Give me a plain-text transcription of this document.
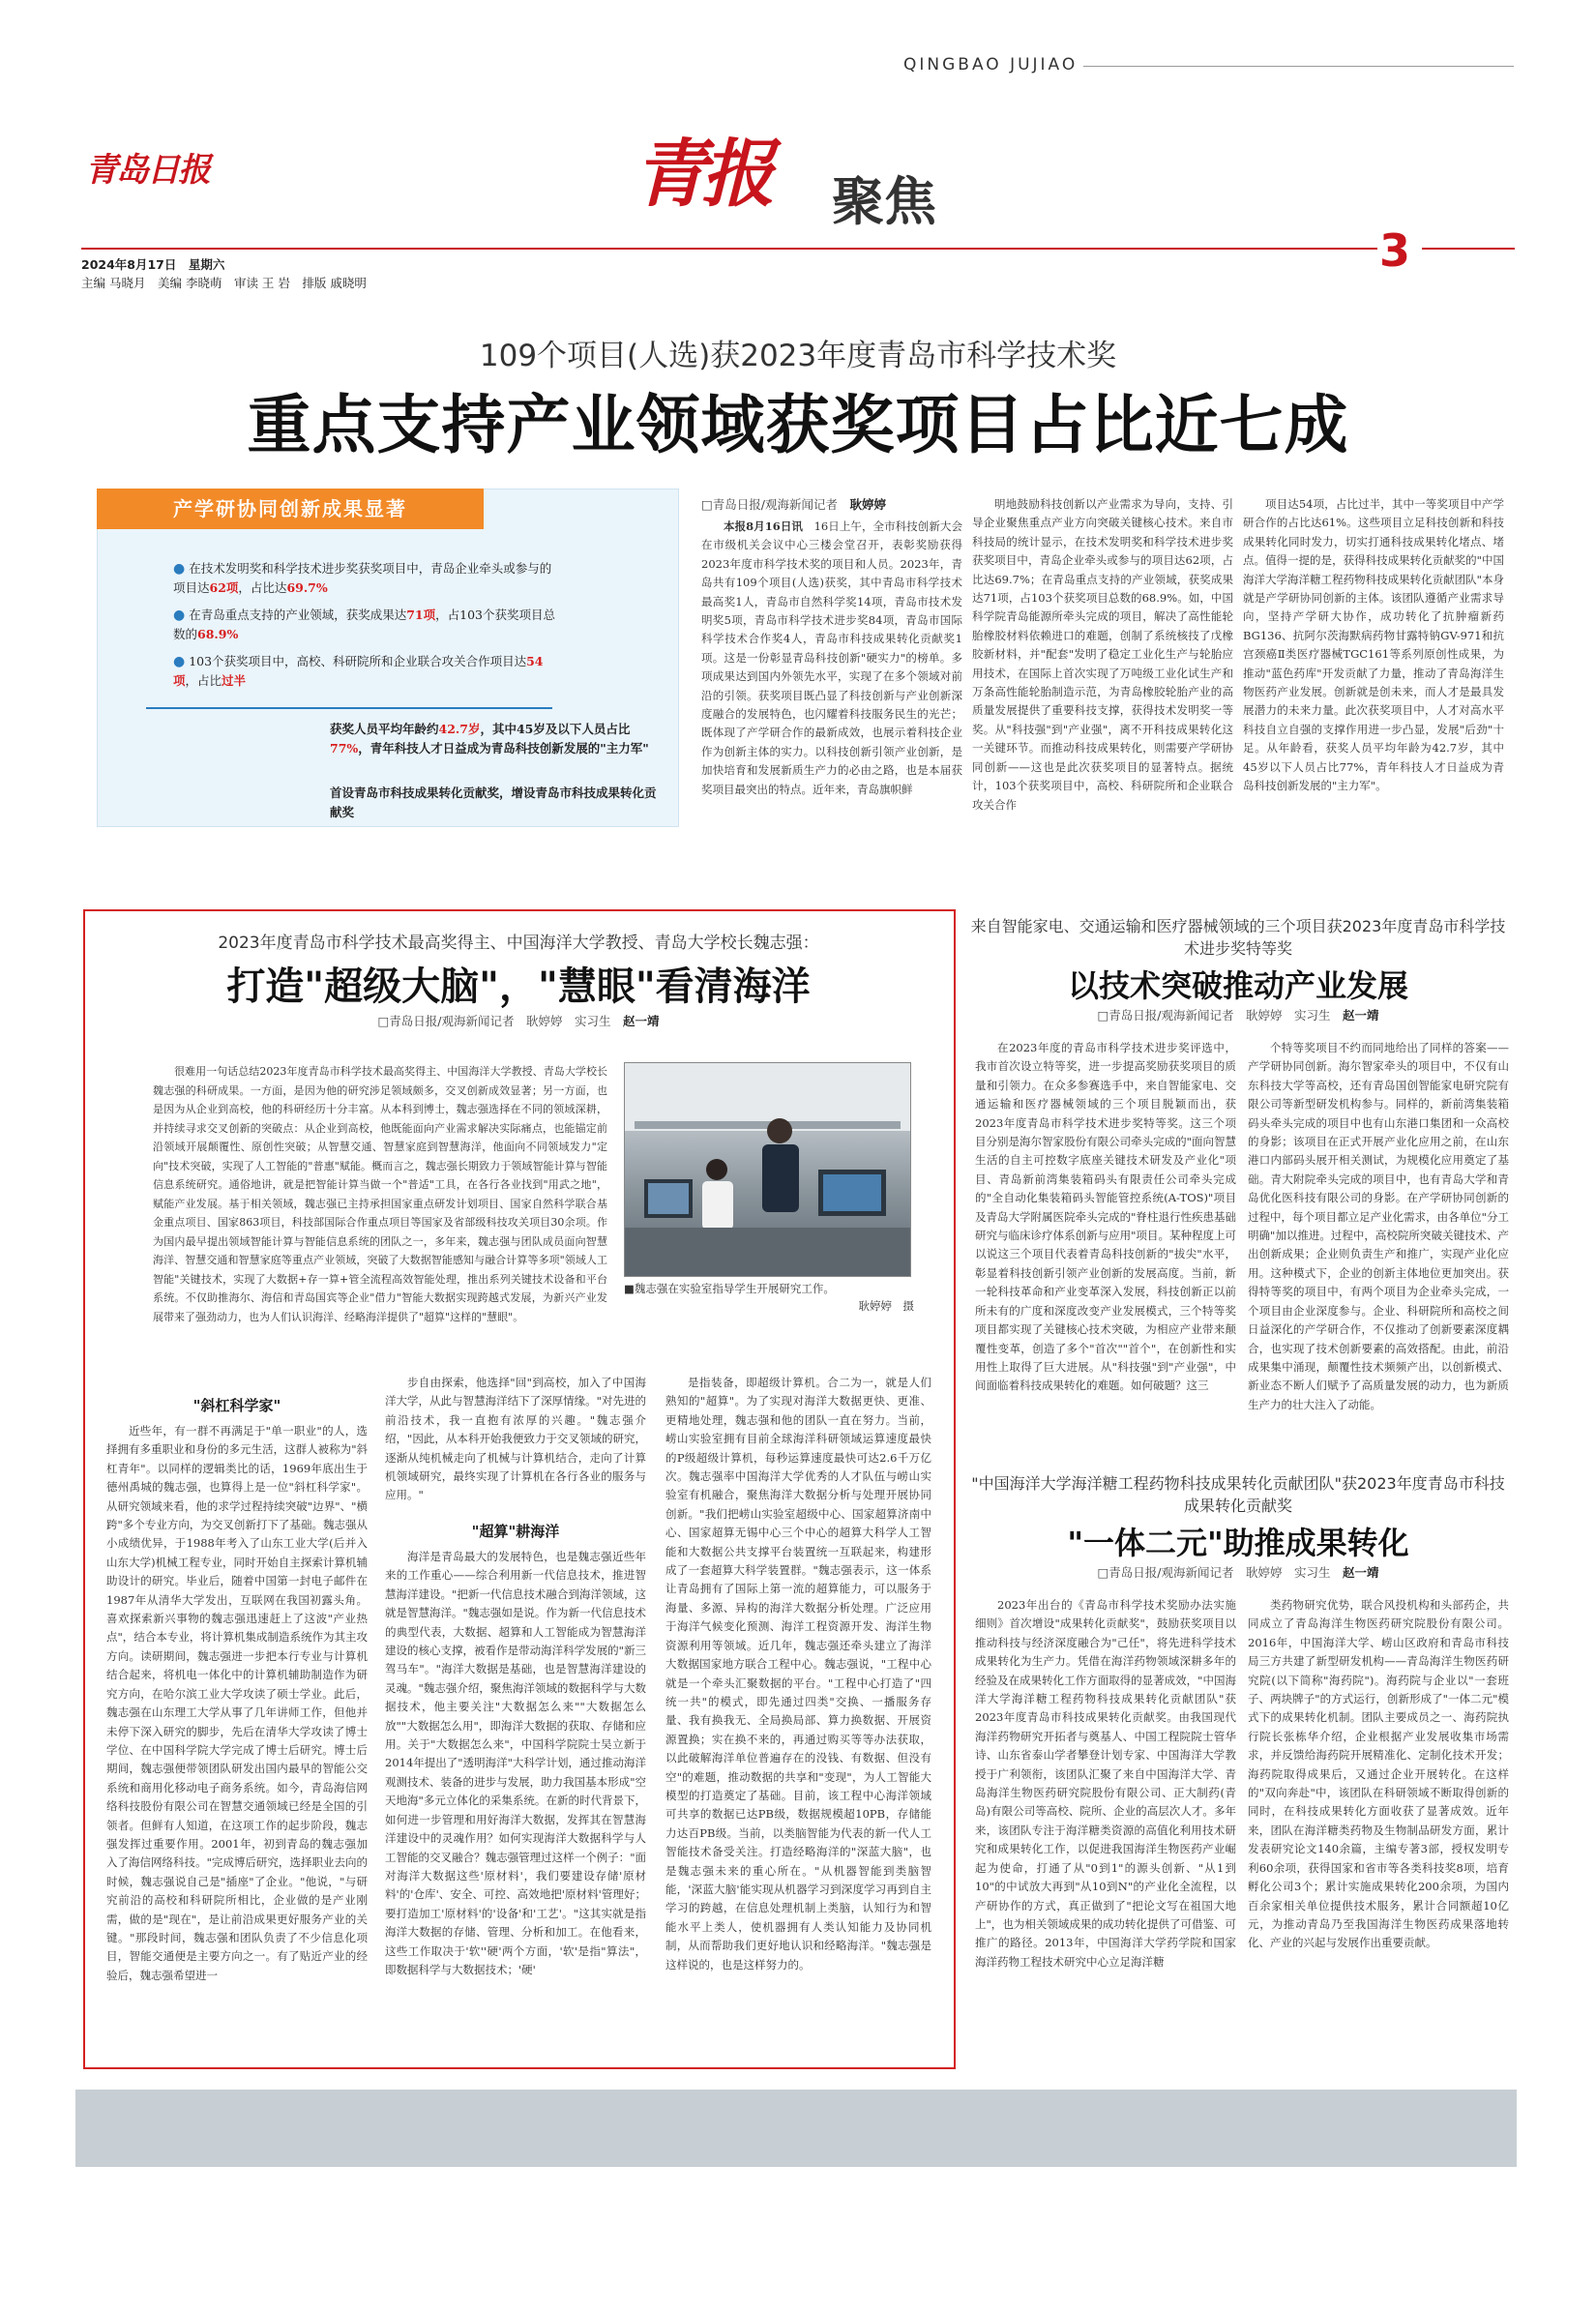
QINGBAO JUJIAO
青岛日报	青报 聚焦
2024年8月17日　星期六
主编 马晓月　美编 李晓萌　审读 王 岩　排版 戚晓明
3
109个项目(人选)获2023年度青岛市科学技术奖
重点支持产业领域获奖项目占比近七成
产学研协同创新成果显著
● 在技术发明奖和科学技术进步奖获奖项目中，青岛企业牵头或参与的项目达62项，占比达69.7%
● 在青岛重点支持的产业领域，获奖成果达71项，占103个获奖项目总数的68.9%
● 103个获奖项目中，高校、科研院所和企业联合攻关合作项目达54项，占比过半
获奖人员平均年龄约42.7岁，其中45岁及以下人员占比77%，青年科技人才日益成为青岛科技创新发展的"主力军"
首设青岛市科技成果转化贡献奖，增设青岛市科技成果转化贡献奖
□青岛日报/观海新闻记者　 耿婷婷

本报8月16日讯　 16日上午，全市科技创新大会在市级机关会议中心三楼会堂召开，表彰奖励获得2023年度市科学技术奖的项目和人员。2023年，青岛共有109个项目(人选)获奖，其中青岛市科学技术最高奖1人，青岛市自然科学奖14项，青岛市技术发明奖5项，青岛市科学技术进步奖84项，青岛市国际科学技术合作奖4人，青岛市科技成果转化贡献奖1项。这是一份彰显青岛科技创新"硬实力"的榜单。多项成果达到国内外领先水平，实现了在多个领域对前沿的引领。获奖项目既凸显了科技创新与产业创新深度融合的发展特色，也闪耀着科技服务民生的光芒；既体现了产学研合作的最新成效，也展示着科技企业作为创新主体的实力。以科技创新引领产业创新，是加快培育和发展新质生产力的必由之路，也是本届获奖项目最突出的特点。近年来，青岛旗帜鲜

明地鼓励科技创新以产业需求为导向，支持、引导企业聚焦重点产业方向突破关键核心技术。来自市科技局的统计显示，在技术发明奖和科学技术进步奖获奖项目中，青岛企业牵头或参与的项目达62项，占比达69.7%；在青岛重点支持的产业领域，获奖成果达71项，占103个获奖项目总数的68.9%。如，中国科学院青岛能源所牵头完成的项目，解决了高性能轮胎橡胶材料依赖进口的难题，创制了系统核技了戊橡胶新材料，并"配套"发明了稳定工业化生产与轮胎应用技术，在国际上首次实现了万吨级工业化试生产和万条高性能轮胎制造示范，为青岛橡胶轮胎产业的高质量发展提供了重要科技支撑，获得技术发明奖一等奖。从"科技强"到"产业强"，离不开科技成果转化这一关键环节。而推动科技成果转化，则需要产学研协同创新——这也是此次获奖项目的显著特点。据统计，103个获奖项目中，高校、科研院所和企业联合攻关合作

项目达54项，占比过半，其中一等奖项目中产学研合作的占比达61%。这些项目立足科技创新和科技成果转化同时发力，切实打通科技成果转化堵点、堵点。值得一提的是，获得科技成果转化贡献奖的"中国海洋大学海洋糖工程药物科技成果转化贡献团队"本身就是产学研协同创新的主体。该团队遵循产业需求导向，坚持产学研大协作，成功转化了抗肿瘤新药BG136、抗阿尔茨海默病药物甘露特钠GV-971和抗宫颈癌Ⅱ类医疗器械TGC161等系列原创性成果，为推动"蓝色药库"开发贡献了力量，推动了青岛海洋生物医药产业发展。创新就是创未来，而人才是最具发展潜力的未来力量。此次获奖项目中，人才对高水平科技自立自强的支撑作用进一步凸显，发展"后劲"十足。从年龄看，获奖人员平均年龄为42.7岁，其中45岁以下人员占比77%，青年科技人才日益成为青岛科技创新发展的"主力军"。

2023年度青岛市科学技术最高奖得主、中国海洋大学教授、青岛大学校长魏志强：
打造"超级大脑"，"慧眼"看清海洋
□青岛日报/观海新闻记者　耿婷婷　实习生　 赵一靖

很难用一句话总结2023年度青岛市科学技术最高奖得主、中国海洋大学教授、青岛大学校长魏志强的科研成果。一方面，是因为他的研究涉足领域颇多，交叉创新成效显著；另一方面，也是因为从企业到高校，他的科研经历十分丰富。从本科到博士，魏志强选择在不同的领域深耕，并持续寻求交叉创新的突破点：从企业到高校，他既能面向产业需求解决实际痛点，也能锚定前沿领域开展颠覆性、原创性突破；从智慧交通、智慧家庭到智慧海洋，他面向不同领域发力"定向"技术突破，实现了人工智能的"普惠"赋能。概而言之，魏志强长期致力于领域智能计算与智能信息系统研究。通俗地讲，就是把智能计算当做一个"普适"工具，在各行各业找到"用武之地"，赋能产业发展。基于相关领域，魏志强已主持承担国家重点研发计划项目、国家自然科学联合基金重点项目、国家863项目，科技部国际合作重点项目等国家及省部级科技攻关项目30余项。作为国内最早提出领域智能计算与智能信息系统的团队之一，多年来，魏志强与团队成员面向智慧海洋、智慧交通和智慧家庭等重点产业领域，突破了大数据智能感知与融合计算等多项"领域人工智能"关键技术，实现了大数据+存一算+管全流程高效智能处理，推出系列关键技术设备和平台系统。不仅助推海尔、海信和青岛国宾等企业"借力"智能大数据实现跨越式发展，为新兴产业发展带来了强劲动力，也为人们认识海洋、经略海洋提供了"超算"这样的"慧眼"。

■魏志强在实验室指导学生开展研究工作。
耿婷婷　摄
"斜杠科学家"

近些年，有一群不再满足于"单一职业"的人，选择拥有多重职业和身份的多元生活，这群人被称为"斜杠青年"。以同样的逻辑类比的话，1969年底出生于德州禹城的魏志强，也算得上是一位"斜杠科学家"。从研究领域来看，他的求学过程持续突破"边界"、"横跨"多个专业方向，为交叉创新打下了基础。魏志强从小成绩优异，于1988年考入了山东工业大学(后并入山东大学)机械工程专业，同时开始自主探索计算机辅助设计的研究。毕业后，随着中国第一封电子邮件在1987年从清华大学发出，互联网在我国初露头角。喜欢探索新兴事物的魏志强迅速赶上了这波"产业热点"，结合本专业，将计算机集成制造系统作为其主攻方向。读研期间，魏志强进一步把本行专业与计算机结合起来，将机电一体化中的计算机辅助制造作为研究方向，在哈尔滨工业大学攻读了硕士学业。此后，魏志强在山东理工大学从事了几年讲师工作，但他并未停下深入研究的脚步，先后在清华大学攻读了博士学位、在中国科学院大学完成了博士后研究。博士后期间，魏志强便带领团队研发出国内最早的智能公交系统和商用化移动电子商务系统。如今，青岛海信网络科技股份有限公司在智慧交通领域已经是全国的引领者。但鲜有人知道，在这项工作的起步阶段，魏志强发挥过重要作用。2001年，初到青岛的魏志强加入了海信网络科技。"完成博后研究，选择职业去向的时候，魏志强说自己是"插座"了企业。"他说，"与研究前沿的高校和科研院所相比，企业做的是产业刚需，做的是"现在"，是让前沿成果更好服务产业的关键。"那段时间，魏志强和团队负责了不少信息化项目，智能交通便是主要方向之一。有了贴近产业的经验后，魏志强希望进一

步自由探索，他选择"回"到高校，加入了中国海洋大学，从此与智慧海洋结下了深厚情缘。"对先进的前沿技术，我一直抱有浓厚的兴趣。"魏志强介绍，"因此，从本科开始我便致力于交叉领域的研究，逐渐从纯机械走向了机械与计算机结合，走向了计算机领域研究，最终实现了计算机在各行各业的服务与应用。"

"超算"耕海洋

海洋是青岛最大的发展特色，也是魏志强近些年来的工作重心——综合利用新一代信息技术，推进智慧海洋建设。"把新一代信息技术融合到海洋领域，这就是智慧海洋。"魏志强如是说。作为新一代信息技术的典型代表，大数据、超算和人工智能成为智慧海洋建设的核心支撑，被看作是带动海洋科学发展的"新三驾马车"。"海洋大数据是基础，也是智慧海洋建设的灵魂。"魏志强介绍，聚焦海洋领域的数据科学与大数据技术，他主要关注"大数据怎么来""大数据怎么放""大数据怎么用"，即海洋大数据的获取、存储和应用。关于"大数据怎么来"，中国科学院院士吴立新于2014年提出了"透明海洋"大科学计划，通过推动海洋观测技术、装备的进步与发展，助力我国基本形成"空天地海"多元立体化的采集系统。在新的时代背景下，如何进一步管理和用好海洋大数据，发挥其在智慧海洋建设中的灵魂作用？如何实现海洋大数据科学与人工智能的交叉融合？魏志强管理过这样一个例子："面对海洋大数据这些'原材料'，我们要建设存储'原材料'的'仓库'、安全、可控、高效地把'原材料'管理好；要打造加工'原材料'的'设备'和'工艺'。"这其实就是指海洋大数据的存储、管理、分析和加工。在他看来，这些工作取决于'软''硬'两个方面，'软'是指"算法"，即数据科学与大数据技术；'硬'

是指装备，即超级计算机。合二为一，就是人们熟知的"超算"。为了实现对海洋大数据更快、更准、更精地处理，魏志强和他的团队一直在努力。当前，崂山实验室拥有目前全球海洋科研领域运算速度最快的P级超级计算机，每秒运算速度最快可达2.6千万亿次。魏志强率中国海洋大学优秀的人才队伍与崂山实验室有机融合，聚焦海洋大数据分析与处理开展协同创新。"我们把崂山实验室超级中心、国家超算济南中心、国家超算无锡中心三个中心的超算大科学人工智能和大数据公共支撑平台装置统一互联起来，构建形成了一套超算大科学装置群。"魏志强表示，这一体系让青岛拥有了国际上第一流的超算能力，可以服务于海量、多源、异构的海洋大数据分析处理。广泛应用于海洋气候变化预测、海洋工程资源开发、海洋生物资源利用等领域。近几年，魏志强还牵头建立了海洋大数据国家地方联合工程中心。魏志强说，"工程中心就是一个牵头汇聚数据的平台。"工程中心打造了"四统一共"的模式，即先通过四类"交换、一播服务存量、我有换我无、全局换局部、算力换数据、开展资源置换；实在换不来的，再通过购买等等办法获取，以此破解海洋单位普遍存在的没钱、有数据、但没有空"的难题，推动数据的共享和"变现"，为人工智能大模型的打造奠定了基础。目前，该工程中心海洋领域可共享的数据已达PB级，数据规模超10PB，存储能力达百PB级。当前，以类脑智能为代表的新一代人工智能技术备受关注。打造经略海洋的"深蓝大脑"，也是魏志强未来的重心所在。"从机器智能到类脑智能，'深蓝大脑'能实现从机器学习到深度学习再到自主学习的跨越，在信息处理机制上类脑，认知行为和智能水平上类人，使机器拥有人类认知能力及协同机制，从而帮助我们更好地认识和经略海洋。"魏志强是这样说的，也是这样努力的。

来自智能家电、交通运输和医疗器械领域的三个项目获2023年度青岛市科学技术进步奖特等奖
以技术突破推动产业发展
□青岛日报/观海新闻记者　耿婷婷　实习生　 赵一靖

在2023年度的青岛市科学技术进步奖评选中，我市首次设立特等奖，进一步提高奖励获奖项目的质量和引领力。在众多参赛选手中，来自智能家电、交通运输和医疗器械领域的三个项目脱颖而出，获2023年度青岛市科学技术进步奖特等奖。这三个项目分别是海尔智家股份有限公司牵头完成的"面向智慧生活的自主可控数字底座关键技术研发及产业化"项目、青岛新前湾集装箱码头有限责任公司牵头完成的"全自动化集装箱码头智能管控系统(A-TOS)"项目及青岛大学附属医院牵头完成的"脊柱退行性疾患基础研究与临床诊疗体系创新与应用"项目。某种程度上可以说这三个项目代表着青岛科技创新的"拔尖"水平，彰显着科技创新引领产业创新的发展高度。当前，新一轮科技革命和产业变革深入发展，科技创新正以前所未有的广度和深度改变产业发展模式，三个特等奖项目都实现了关键核心技术突破，为相应产业带来颠覆性变革，创造了多个"首次""首个"，在创新性和实用性上取得了巨大进展。从"科技强"到"产业强"，中间面临着科技成果转化的难题。如何破题？这三

个特等奖项目不约而同地给出了同样的答案——产学研协同创新。海尔智家牵头的项目中，不仅有山东科技大学等高校，还有青岛国创智能家电研究院有限公司等新型研发机构参与。同样的，新前湾集装箱码头牵头完成的项目中也有山东港口集团和一众高校的身影；该项目在正式开展产业化应用之前，在山东港口内部码头展开相关测试，为规模化应用奠定了基础。青大附院牵头完成的项目中，也有青岛大学和青岛优化医科技有限公司的身影。在产学研协同创新的过程中，每个项目都立足产业化需求，由各单位"分工明确"加以推进。过程中，高校院所突破关键技术、产出创新成果；企业则负责生产和推广，实现产业化应用。这种模式下，企业的创新主体地位更加突出。获得特等奖的项目中，有两个项目为企业牵头完成，一个项目由企业深度参与。企业、科研院所和高校之间日益深化的产学研合作，不仅推动了创新要素深度耦合，也实现了技术创新要素的高效搭配。由此，前沿成果集中涌现，颠覆性技术频频产出，以创新模式、新业态不断人们赋予了高质量发展的动力，也为新质生产力的壮大注入了动能。

"中国海洋大学海洋糖工程药物科技成果转化贡献团队"获2023年度青岛市科技成果转化贡献奖
"一体二元"助推成果转化
□青岛日报/观海新闻记者　耿婷婷　实习生　 赵一靖

2023年出台的《青岛市科学技术奖励办法实施细则》首次增设"成果转化贡献奖"，鼓励获奖项目以推动科技与经济深度融合为"己任"，将先进科学技术成果转化为生产力。凭借在海洋药物领域深耕多年的经验及在成果转化工作方面取得的显著成效，"中国海洋大学海洋糖工程药物科技成果转化贡献团队"获2023年度青岛市科技成果转化贡献奖。由我国现代海洋药物研究开拓者与奠基人、中国工程院院士管华诗、山东省泰山学者攀登计划专家、中国海洋大学教授于广利领衔，该团队汇聚了来自中国海洋大学、青岛海洋生物医药研究院股份有限公司、正大制药(青岛)有限公司等高校、院所、企业的高层次人才。多年来，该团队专注于海洋糖类资源的高值化利用技术研究和成果转化工作，以促进我国海洋生物医药产业崛起为使命，打通了从"0到1"的源头创新、"从1到10"的中试放大再到"从10到N"的产业化全流程，以产研协作的方式，真正做到了"把论文写在祖国大地上"，也为相关领域成果的成功转化提供了可借鉴、可推广的路径。2013年，中国海洋大学药学院和国家海洋药物工程技术研究中心立足海洋糖

类药物研究优势，联合风投机构和头部药企，共同成立了青岛海洋生物医药研究院股份有限公司。2016年，中国海洋大学、崂山区政府和青岛市科技局三方共建了新型研发机构——青岛海洋生物医药研究院(以下简称"海药院")。海药院与企业以"一套班子、两块牌子"的方式运行，创新形成了"一体二元"模式下的成果转化机制。团队主要成员之一、海药院执行院长张栋华介绍，企业根据产业发展收集市场需求，并反馈给海药院开展精准化、定制化技术开发；海药院取得成果后，又通过企业开展转化。在这样的"双向奔赴"中，该团队在科研领域不断取得创新的同时，在科技成果转化方面收获了显著成效。近年来，团队在海洋糖类药物及生物制品研发方面，累计发表研究论文140余篇，主编专著3部，授权发明专利60余项，获得国家和省市等各类科技奖8项，培育孵化公司3个；累计实施成果转化200余项，为国内百余家相关单位提供技术服务，累计合同额超10亿元，为推动青岛乃至我国海洋生物医药成果落地转化、产业的兴起与发展作出重要贡献。
